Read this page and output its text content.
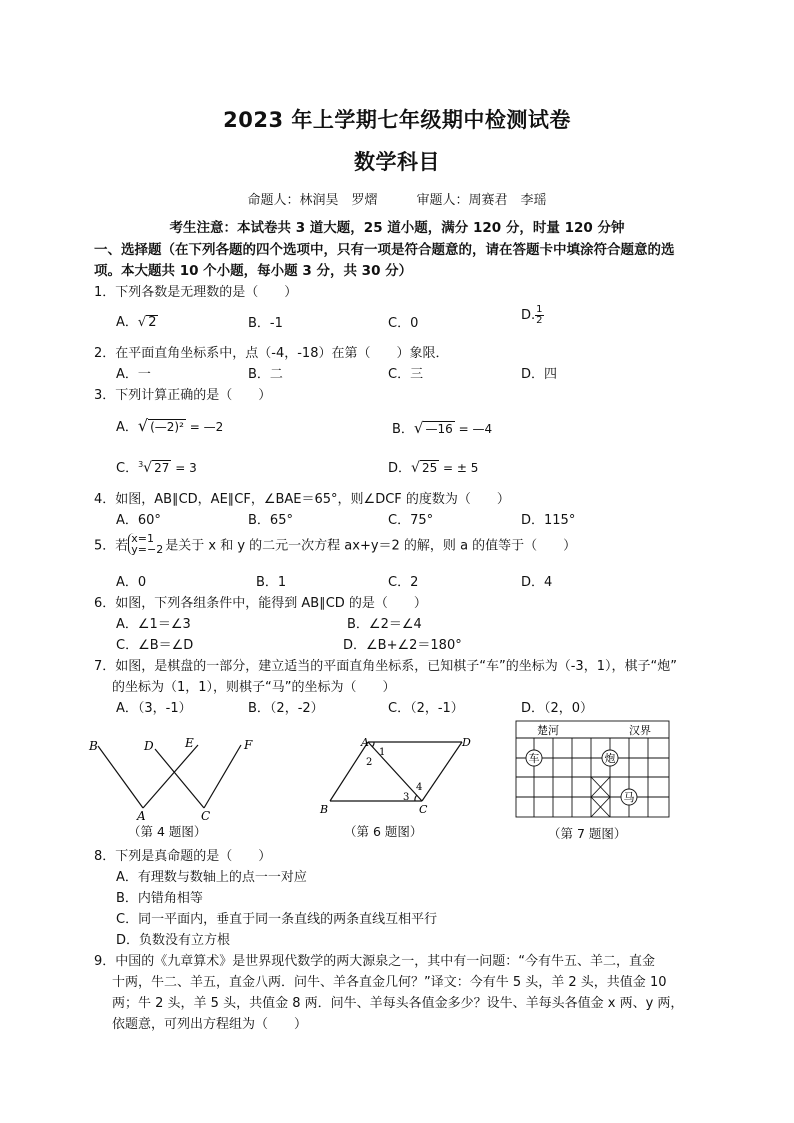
2023 年上学期七年级期中检测试卷
数学科目
命题人：林润昊　罗熠　　　审题人：周赛君　李瑶
考生注意：本试卷共 3 道大题，25 道小题，满分 120 分，时量 120 分钟
一、选择题（在下列各题的四个选项中，只有一项是符合题意的，请在答题卡中填涂符合题意的选
项。本大题共 10 个小题，每小题 3 分，共 30 分）
1．下列各数是无理数的是（　　）
A．√ 2	B．-1	C．0
D. $\frac{1}{2}$
2．在平面直角坐标系中，点（-4，-18）在第（　　）象限．
A．一	B．二	C．三	D．四
3．下列计算正确的是（　　）
A．√ (—2)² = —2	B．√ —16 = —4
C．$^3$√ 27 = 3	D．√ 25 = ± 5
4．如图，AB∥CD，AE∥CF，∠BAE＝65°，则∠DCF 的度数为（　　）
A．60°	B．65°	C．75°	D．115°
5．若 x=1
y=−2 是关于 x 和 y 的二元一次方程 ax+y＝2 的解，则 a 的值等于（　　）
A．0	B．1	C．2	D．4
6．如图，下列各组条件中，能得到 AB∥CD 的是（　　）
A．∠1＝∠3	B．∠2＝∠4
C．∠B＝∠D	D．∠B+∠2＝180°
7．如图，是棋盘的一部分，建立适当的平面直角坐标系，已知棋子“车”的坐标为（-3，1），棋子“炮”
的坐标为（1，1），则棋子“马”的坐标为（　　）
A．（3，-1）	B．（2，-2）	C．（2，-1）	D．（2，0）
B	D	E	F
A	C
（第 4 题图）
A	D
B	C
1
2
3
4
（第 6 题图）
楚河	汉界
车	炮
马
（第 7 题图）
8．下列是真命题的是（　　）
A．有理数与数轴上的点一一对应
B．内错角相等
C．同一平面内，垂直于同一条直线的两条直线互相平行
D．负数没有立方根
9．中国的《九章算术》是世界现代数学的两大源泉之一，其中有一问题：“今有牛五、羊二，直金
十两，牛二、羊五，直金八两．问牛、羊各直金几何？”译文：今有牛 5 头，羊 2 头，共值金 10
两；牛 2 头，羊 5 头，共值金 8 两．问牛、羊每头各值金多少？设牛、羊每头各值金 x 两、y 两，
依题意，可列出方程组为（　　）
